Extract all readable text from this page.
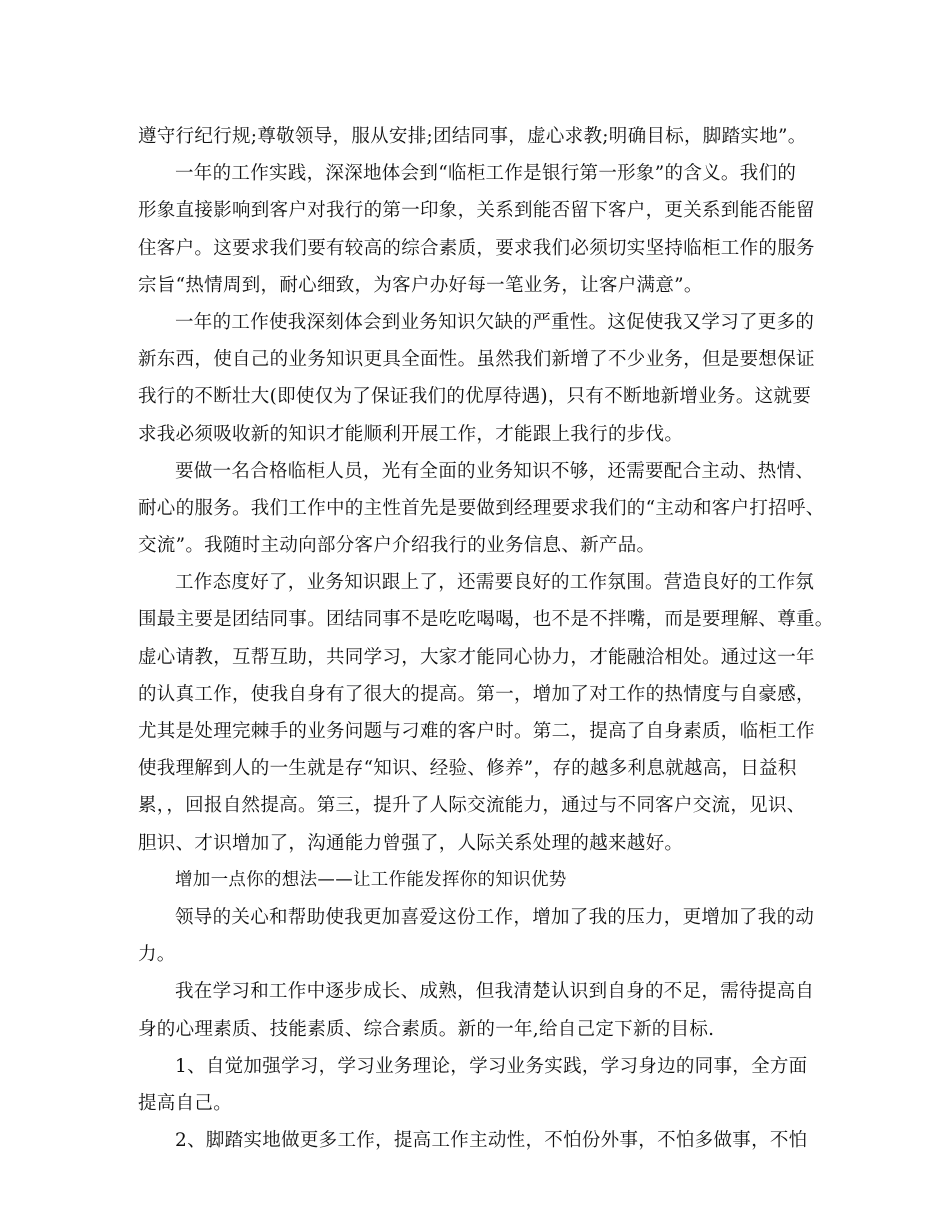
遵守行纪行规;尊敬领导，服从安排;团结同事，虚心求教;明确目标，脚踏实地”。
一年的工作实践，深深地体会到“临柜工作是银行第一形象”的含义。我们的
形象直接影响到客户对我行的第一印象，关系到能否留下客户，更关系到能否能留
住客户。这要求我们要有较高的综合素质，要求我们必须切实坚持临柜工作的服务
宗旨“热情周到，耐心细致，为客户办好每一笔业务，让客户满意”。
一年的工作使我深刻体会到业务知识欠缺的严重性。这促使我又学习了更多的
新东西，使自己的业务知识更具全面性。虽然我们新增了不少业务，但是要想保证
我行的不断壮大(即使仅为了保证我们的优厚待遇)，只有不断地新增业务。这就要
求我必须吸收新的知识才能顺利开展工作，才能跟上我行的步伐。
要做一名合格临柜人员，光有全面的业务知识不够，还需要配合主动、热情、
耐心的服务。我们工作中的主性首先是要做到经理要求我们的“主动和客户打招呼、
交流”。我随时主动向部分客户介绍我行的业务信息、新产品。
工作态度好了，业务知识跟上了，还需要良好的工作氛围。营造良好的工作氛
围最主要是团结同事。团结同事不是吃吃喝喝，也不是不拌嘴，而是要理解、尊重。
虚心请教，互帮互助，共同学习，大家才能同心协力，才能融洽相处。通过这一年
的认真工作，使我自身有了很大的提高。第一，增加了对工作的热情度与自豪感，
尤其是处理完棘手的业务问题与刁难的客户时。第二，提高了自身素质，临柜工作
使我理解到人的一生就是存“知识、经验、修养”，存的越多利息就越高，日益积
累，，回报自然提高。第三，提升了人际交流能力，通过与不同客户交流，见识、
胆识、才识增加了，沟通能力曾强了，人际关系处理的越来越好。
增加一点你的想法——让工作能发挥你的知识优势
领导的关心和帮助使我更加喜爱这份工作，增加了我的压力，更增加了我的动
力。
我在学习和工作中逐步成长、成熟，但我清楚认识到自身的不足，需待提高自
身的心理素质、技能素质、综合素质。新的一年,给自己定下新的目标.
1、自觉加强学习，学习业务理论，学习业务实践，学习身边的同事，全方面
提高自己。
2、脚踏实地做更多工作，提高工作主动性，不怕份外事，不怕多做事，不怕
